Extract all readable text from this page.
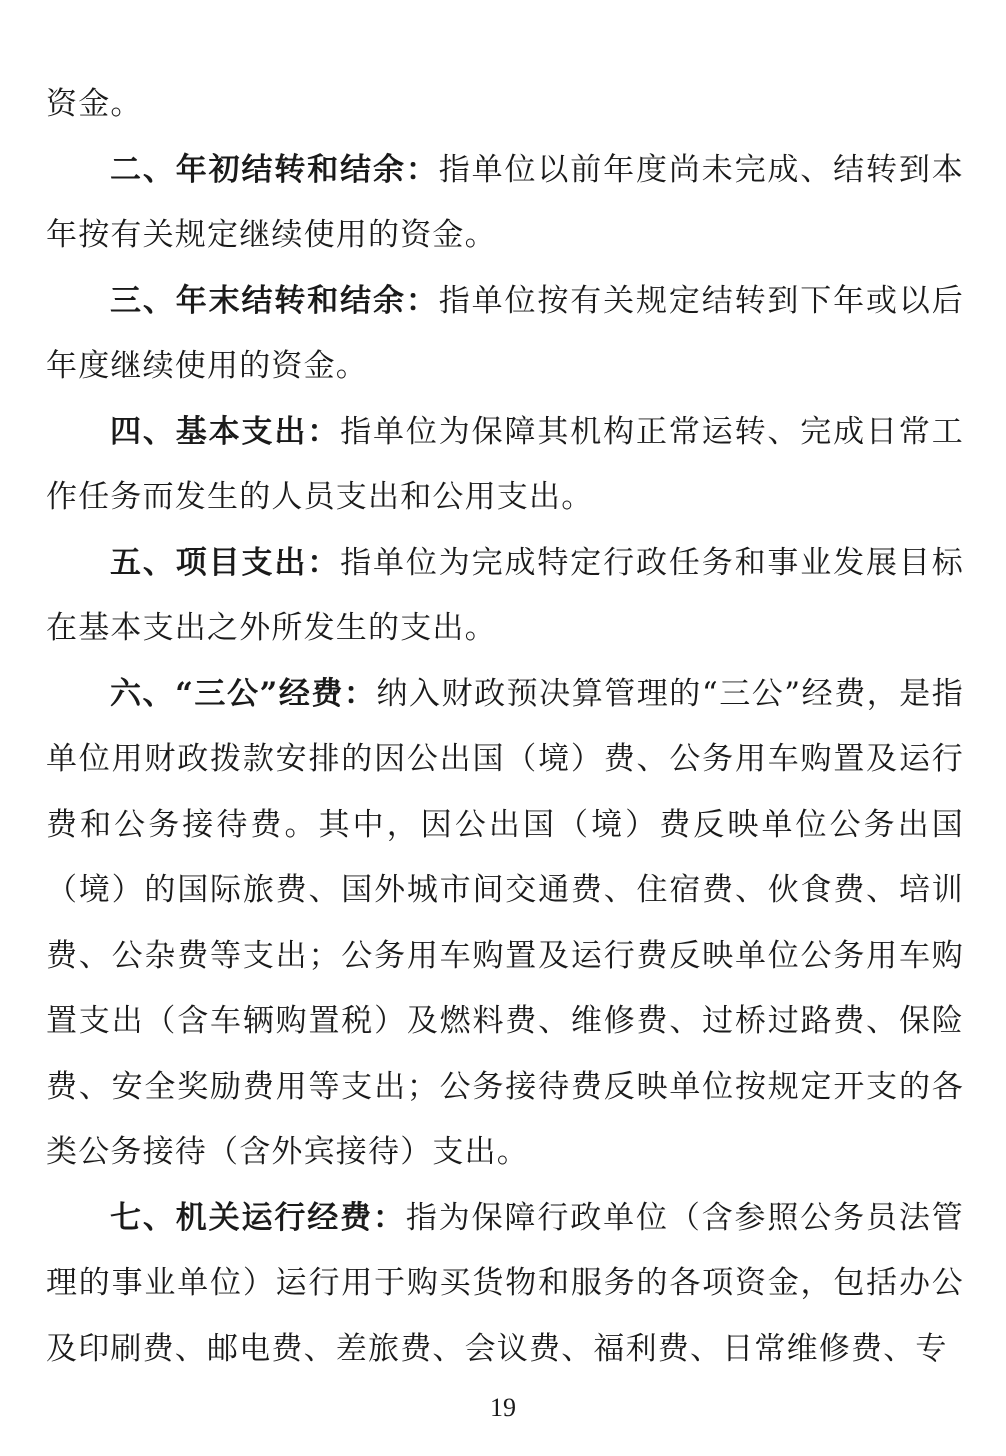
资金。

二、年初结转和结余：指单位以前年度尚未完成、结转到本年按有关规定继续使用的资金。

三、年末结转和结余：指单位按有关规定结转到下年或以后年度继续使用的资金。

四、基本支出：指单位为保障其机构正常运转、完成日常工作任务而发生的人员支出和公用支出。

五、项目支出：指单位为完成特定行政任务和事业发展目标在基本支出之外所发生的支出。

六、“三公”经费：纳入财政预决算管理的“三公”经费，是指单位用财政拨款安排的因公出国（境）费、公务用车购置及运行费和公务接待费。其中，因公出国（境）费反映单位公务出国（境）的国际旅费、国外城市间交通费、住宿费、伙食费、培训费、公杂费等支出；公务用车购置及运行费反映单位公务用车购置支出（含车辆购置税）及燃料费、维修费、过桥过路费、保险费、安全奖励费用等支出；公务接待费反映单位按规定开支的各类公务接待（含外宾接待）支出。

七、机关运行经费：指为保障行政单位（含参照公务员法管理的事业单位）运行用于购买货物和服务的各项资金，包括办公及印刷费、邮电费、差旅费、会议费、福利费、日常维修费、专

19
